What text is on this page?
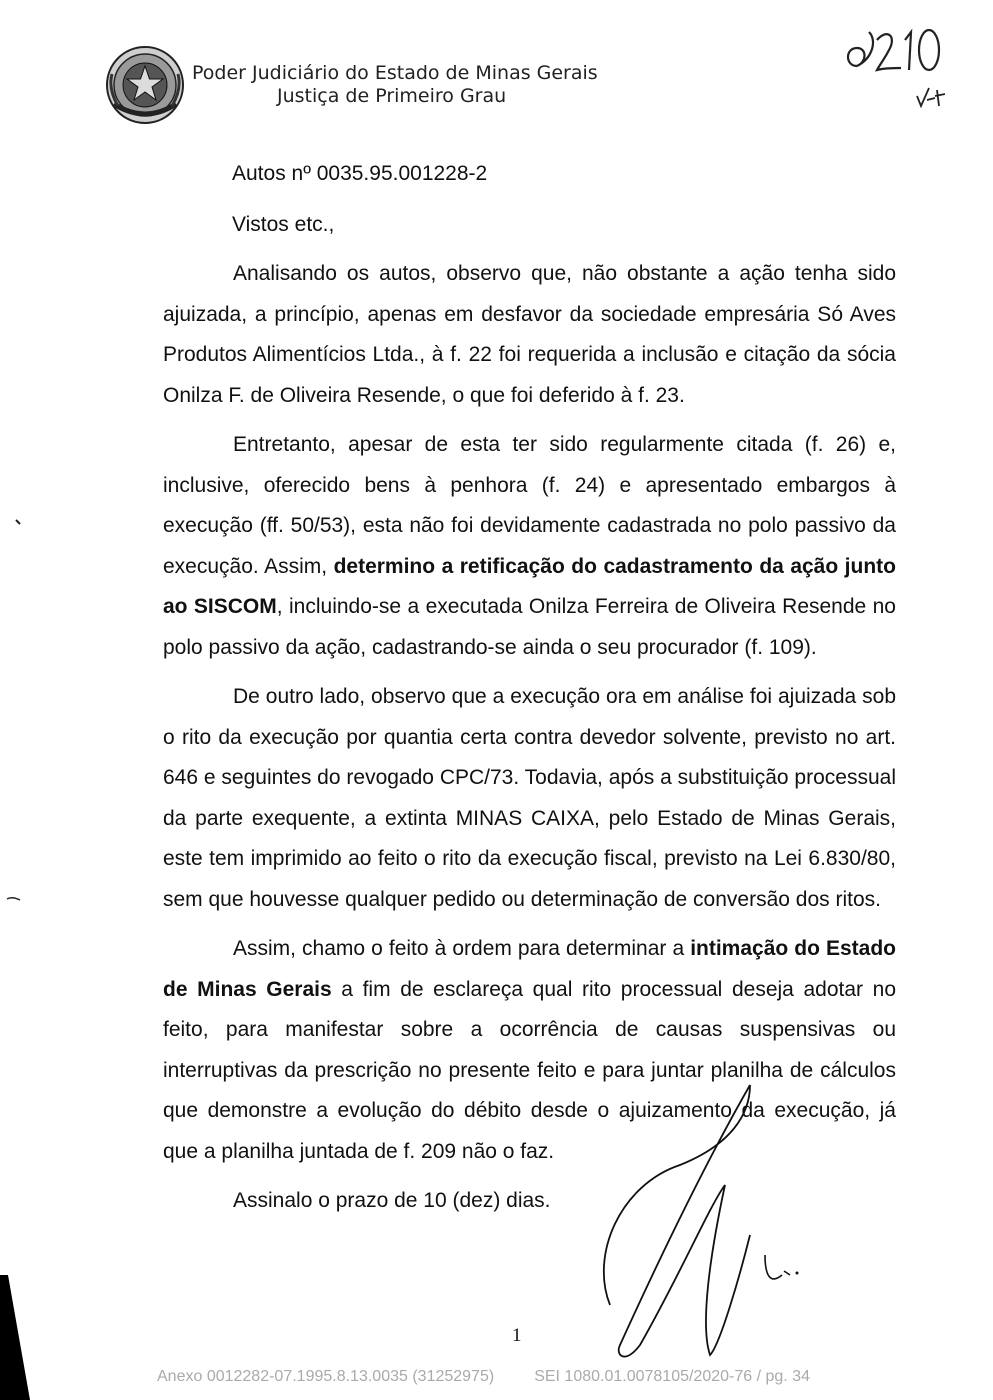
Poder Judiciário do Estado de Minas Gerais
Justiça de Primeiro Grau
Autos nº 0035.95.001228-2
Vistos etc.,

Analisando os autos, observo que, não obstante a ação tenha sido ajuizada, a princípio, apenas em desfavor da sociedade empresária Só Aves Produtos Alimentícios Ltda., à f. 22 foi requerida a inclusão e citação da sócia Onilza F. de Oliveira Resende, o que foi deferido à f. 23.

Entretanto, apesar de esta ter sido regularmente citada (f. 26) e, inclusive, oferecido bens à penhora (f. 24) e apresentado embargos à execução (ff. 50/53), esta não foi devidamente cadastrada no polo passivo da execução. Assim, determino a retificação do cadastramento da ação junto ao SISCOM, incluindo-se a executada Onilza Ferreira de Oliveira Resende no polo passivo da ação, cadastrando-se ainda o seu procurador (f. 109).

De outro lado, observo que a execução ora em análise foi ajuizada sob o rito da execução por quantia certa contra devedor solvente, previsto no art. 646 e seguintes do revogado CPC/73. Todavia, após a substituição processual da parte exequente, a extinta MINAS CAIXA, pelo Estado de Minas Gerais, este tem imprimido ao feito o rito da execução fiscal, previsto na Lei 6.830/80, sem que houvesse qualquer pedido ou determinação de conversão dos ritos.

Assim, chamo o feito à ordem para determinar a intimação do Estado de Minas Gerais a fim de esclareça qual rito processual deseja adotar no feito, para manifestar sobre a ocorrência de causas suspensivas ou interruptivas da prescrição no presente feito e para juntar planilha de cálculos que demonstre a evolução do débito desde o ajuizamento da execução, já que a planilha juntada de f. 209 não o faz.

Assinalo o prazo de 10 (dez) dias.

1
Anexo 0012282-07.1995.8.13.0035 (31252975)	SEI 1080.01.0078105/2020-76 / pg. 34
